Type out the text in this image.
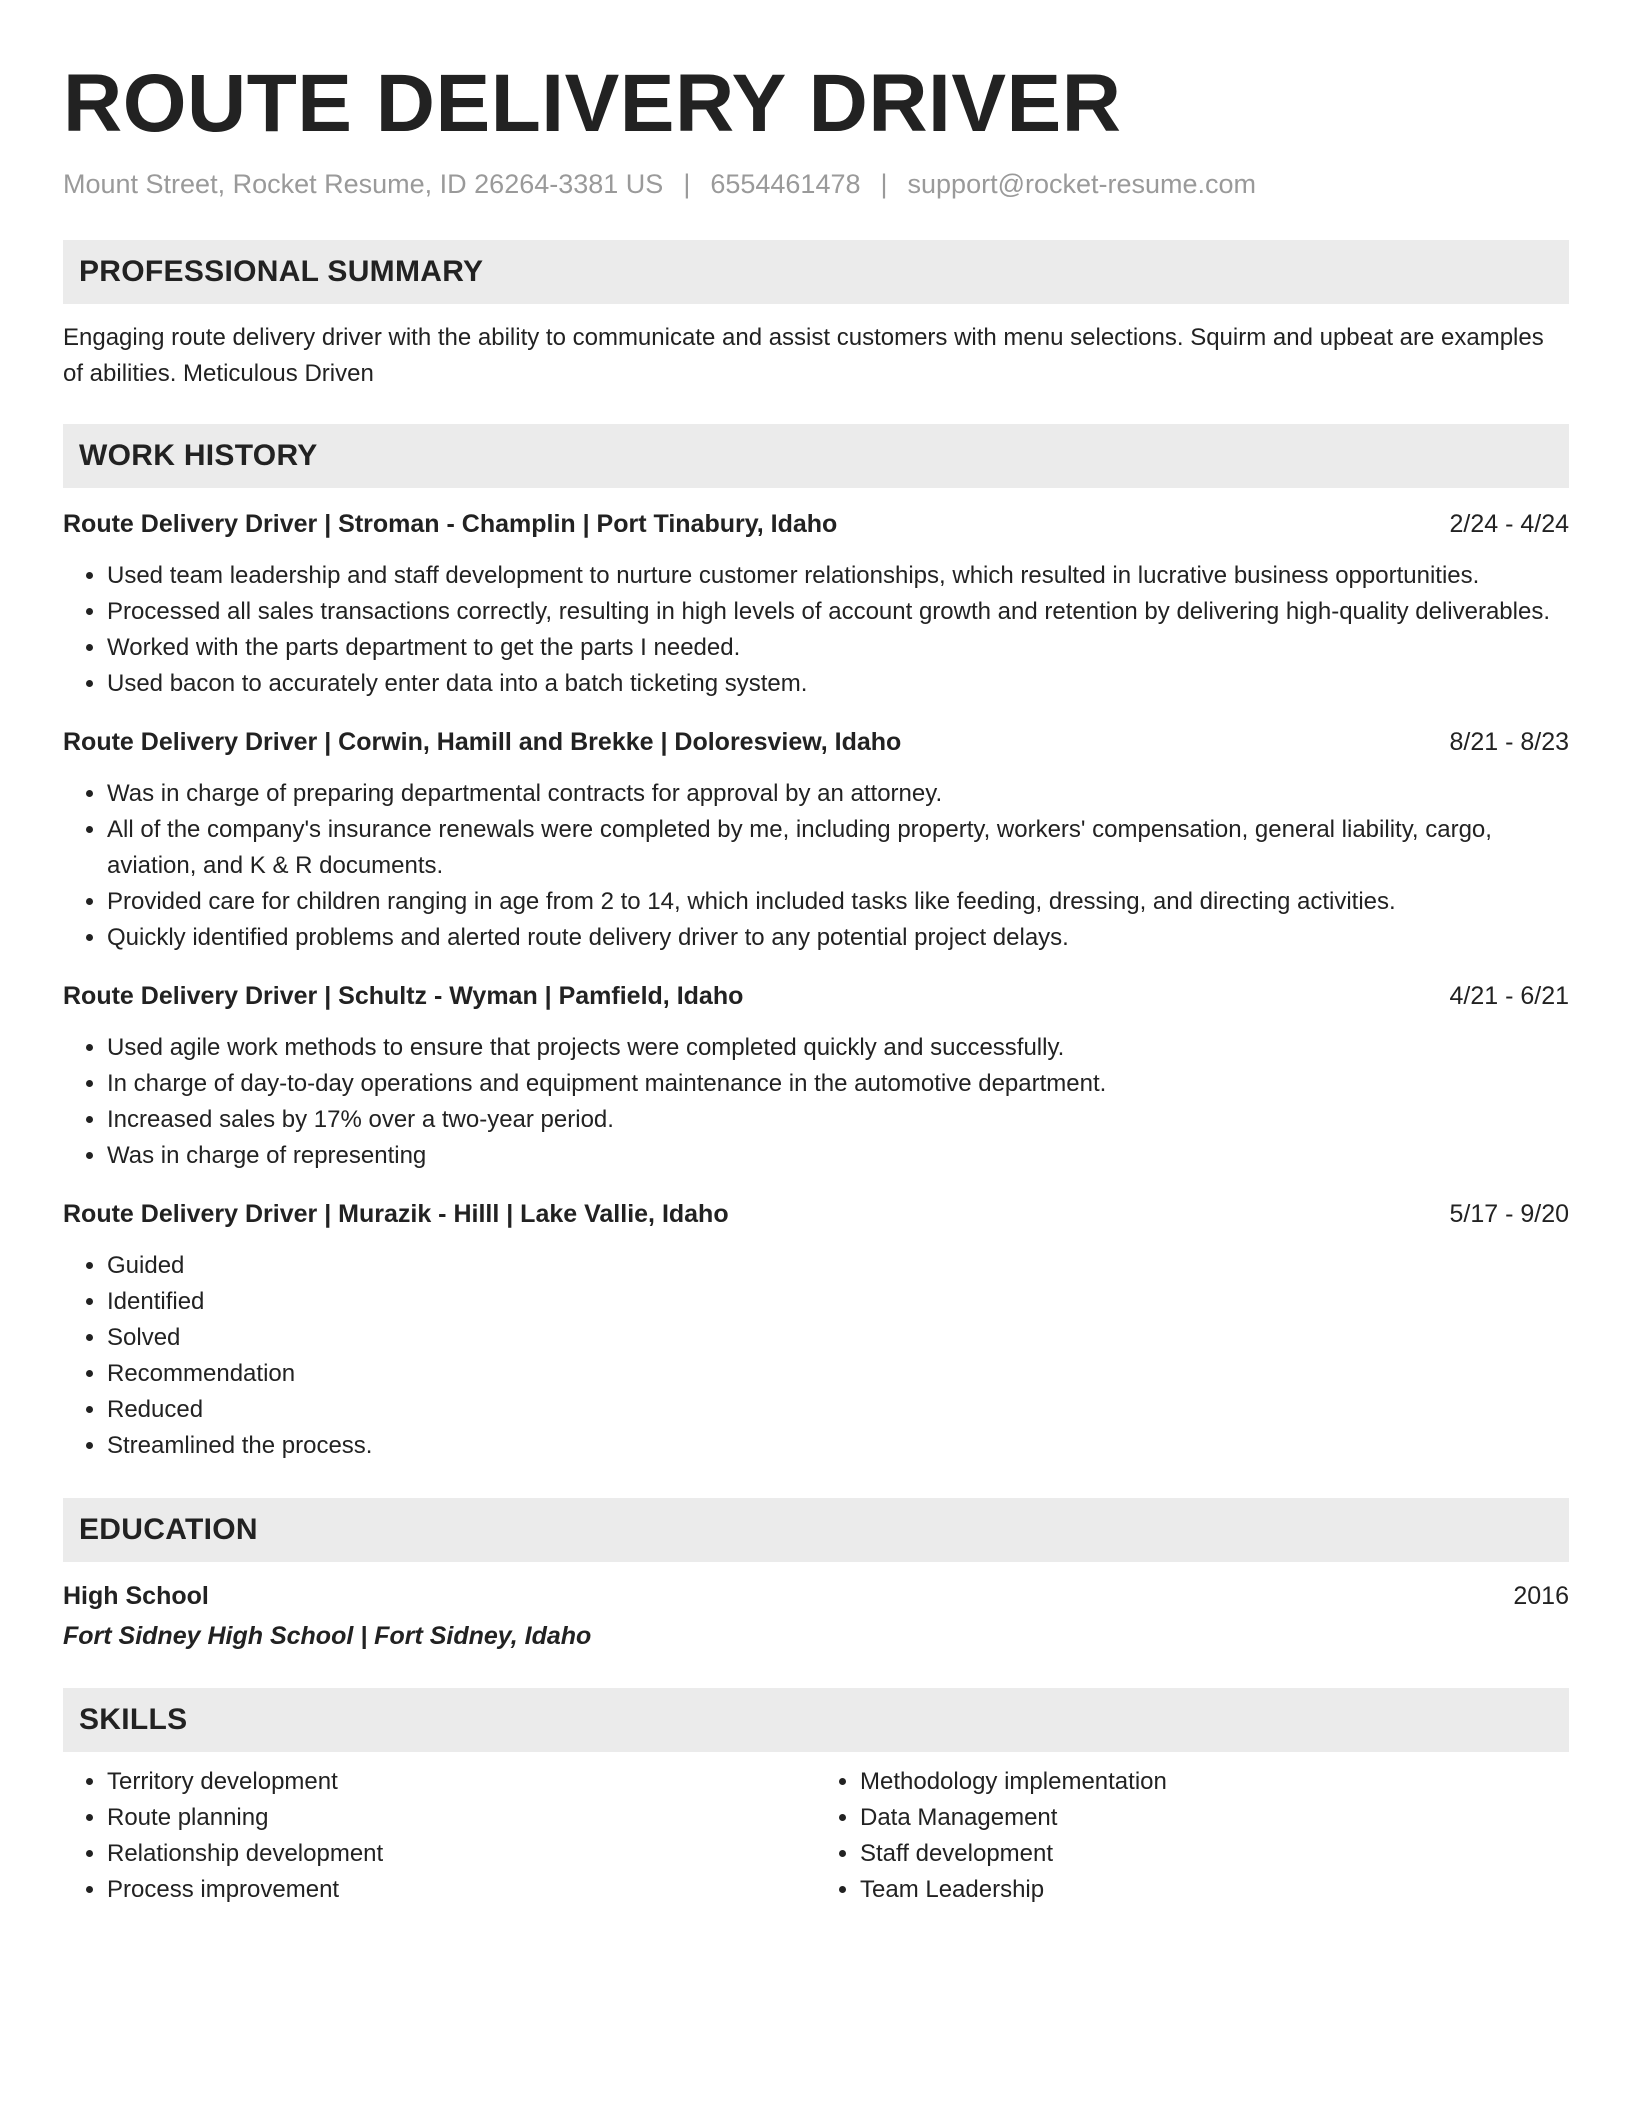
ROUTE DELIVERY DRIVER
Mount Street, Rocket Resume, ID 26264-3381 US | 6554461478 | support@rocket-resume.com
PROFESSIONAL SUMMARY

Engaging route delivery driver with the ability to communicate and assist customers with menu selections. Squirm and upbeat are examples of abilities. Meticulous Driven

WORK HISTORY
Route Delivery Driver | Stroman - Champlin | Port Tinabury, Idaho	2/24 - 4/24
• Used team leadership and staff development to nurture customer relationships, which resulted in lucrative business opportunities.
• Processed all sales transactions correctly, resulting in high levels of account growth and retention by delivering high-quality deliverables.
• Worked with the parts department to get the parts I needed.
• Used bacon to accurately enter data into a batch ticketing system.
Route Delivery Driver | Corwin, Hamill and Brekke | Doloresview, Idaho	8/21 - 8/23
• Was in charge of preparing departmental contracts for approval by an attorney.
• All of the company's insurance renewals were completed by me, including property, workers' compensation, general liability, cargo, aviation, and K & R documents.
• Provided care for children ranging in age from 2 to 14, which included tasks like feeding, dressing, and directing activities.
• Quickly identified problems and alerted route delivery driver to any potential project delays.
Route Delivery Driver | Schultz - Wyman | Pamfield, Idaho	4/21 - 6/21
• Used agile work methods to ensure that projects were completed quickly and successfully.
• In charge of day-to-day operations and equipment maintenance in the automotive department.
• Increased sales by 17% over a two-year period.
• Was in charge of representing
Route Delivery Driver | Murazik - Hilll | Lake Vallie, Idaho	5/17 - 9/20
• Guided
• Identified
• Solved
• Recommendation
• Reduced
• Streamlined the process.
EDUCATION
High School	2016
Fort Sidney High School | Fort Sidney, Idaho
SKILLS
• Territory development
• Route planning
• Relationship development
• Process improvement
• Methodology implementation
• Data Management
• Staff development
• Team Leadership
